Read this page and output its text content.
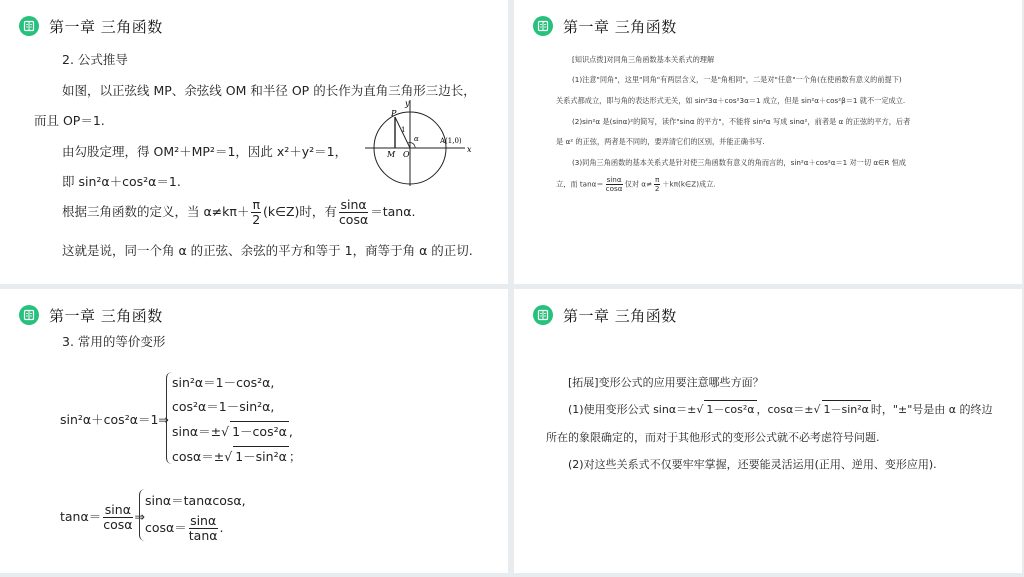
第一章 三角函数
2. 公式推导
如图，以正弦线 MP、余弦线 OM 和半径 OP 的长作为直角三角形三边长，
而且 OP＝1.
由勾股定理，得 OM²＋MP²＝1，因此 x²＋y²＝1，
即 sin²α＋cos²α＝1.
根据三角函数的定义，当 $\alpha\ne k\pi+ \frac{\pi}{2}$ (k∈Z)时，有 $\frac{\sin\alpha}{\cos\alpha} =\tan\alpha$.
这就是说，同一个角 α 的正弦、余弦的平方和等于 1，商等于角 α 的正切.
y
x
P
M O
1
α	A(1,0)
第一章 三角函数
[知识点拨]对同角三角函数基本关系式的理解
(1)注意"同角"，这里"同角"有两层含义，一是"角相同"，二是对"任意"一个角(在使函数有意义的前提下)
关系式都成立，即与角的表达形式无关，如 sin²3α＋cos²3α＝1 成立，但是 sin²α＋cos²β＝1 就不一定成立.
(2)sin²α 是(sinα)²的简写，读作"sinα 的平方"，不能将 sin²α 写成 sinα²，前者是 α 的正弦的平方，后者
是 α² 的正弦，两者是不同的，要弄清它们的区别，并能正确书写.
(3)同角三角函数的基本关系式是针对使三角函数有意义的角而言的，sin²α＋cos²α＝1 对一切 α∈R 恒成
立，而 $\tan\alpha= \frac{\sin\alpha}{\cos\alpha}$ 仅对 $\alpha\ne \frac{\pi}{2}$ ＋kπ(k∈Z)成立.
第一章 三角函数
3. 常用的等价变形
sin²α＋cos²α＝1⇒
sin²α＝1－cos²α,
cos²α＝1－sin²α,
sinα＝±√ 1－cos²α ,
cosα＝±√ 1－sin²α ；
$\tan\alpha= \frac{\sin\alpha}{\cos\alpha}$ ⇒
sinα＝tanαcosα,
$\cos\alpha= \frac{\sin\alpha}{\tan\alpha}$ .
第一章 三角函数
[拓展]变形公式的应用要注意哪些方面？
(1)使用变形公式 sinα＝±√ 1－cos²α ，cosα＝±√ 1－sin²α 时，"±"号是由 α 的终边
所在的象限确定的，而对于其他形式的变形公式就不必考虑符号问题.
(2)对这些关系式不仅要牢牢掌握，还要能灵活运用(正用、逆用、变形应用).
